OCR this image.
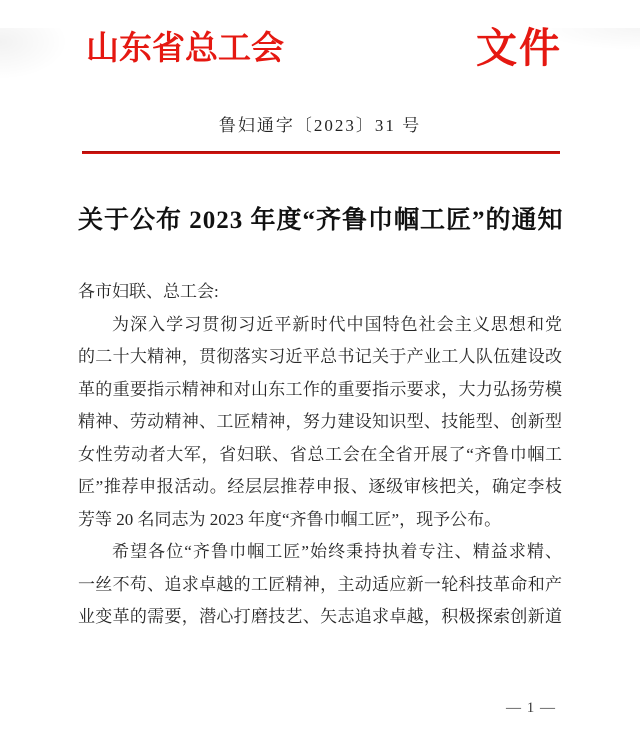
山东省总工会	文件
鲁妇通字〔2023〕31 号
关于公布 2023 年度“齐鲁巾帼工匠”的通知
各市妇联、总工会:
为深入学习贯彻习近平新时代中国特色社会主义思想和党
的二十大精神，贯彻落实习近平总书记关于产业工人队伍建设改
革的重要指示精神和对山东工作的重要指示要求，大力弘扬劳模
精神、劳动精神、工匠精神，努力建设知识型、技能型、创新型
女性劳动者大军，省妇联、省总工会在全省开展了“齐鲁巾帼工
匠”推荐申报活动。经层层推荐申报、逐级审核把关，确定李枝
芳等 20 名同志为 2023 年度“齐鲁巾帼工匠”，现予公布。
希望各位“齐鲁巾帼工匠”始终秉持执着专注、精益求精、
一丝不苟、追求卓越的工匠精神，主动适应新一轮科技革命和产
业变革的需要，潜心打磨技艺、矢志追求卓越，积极探索创新道
— 1 —
